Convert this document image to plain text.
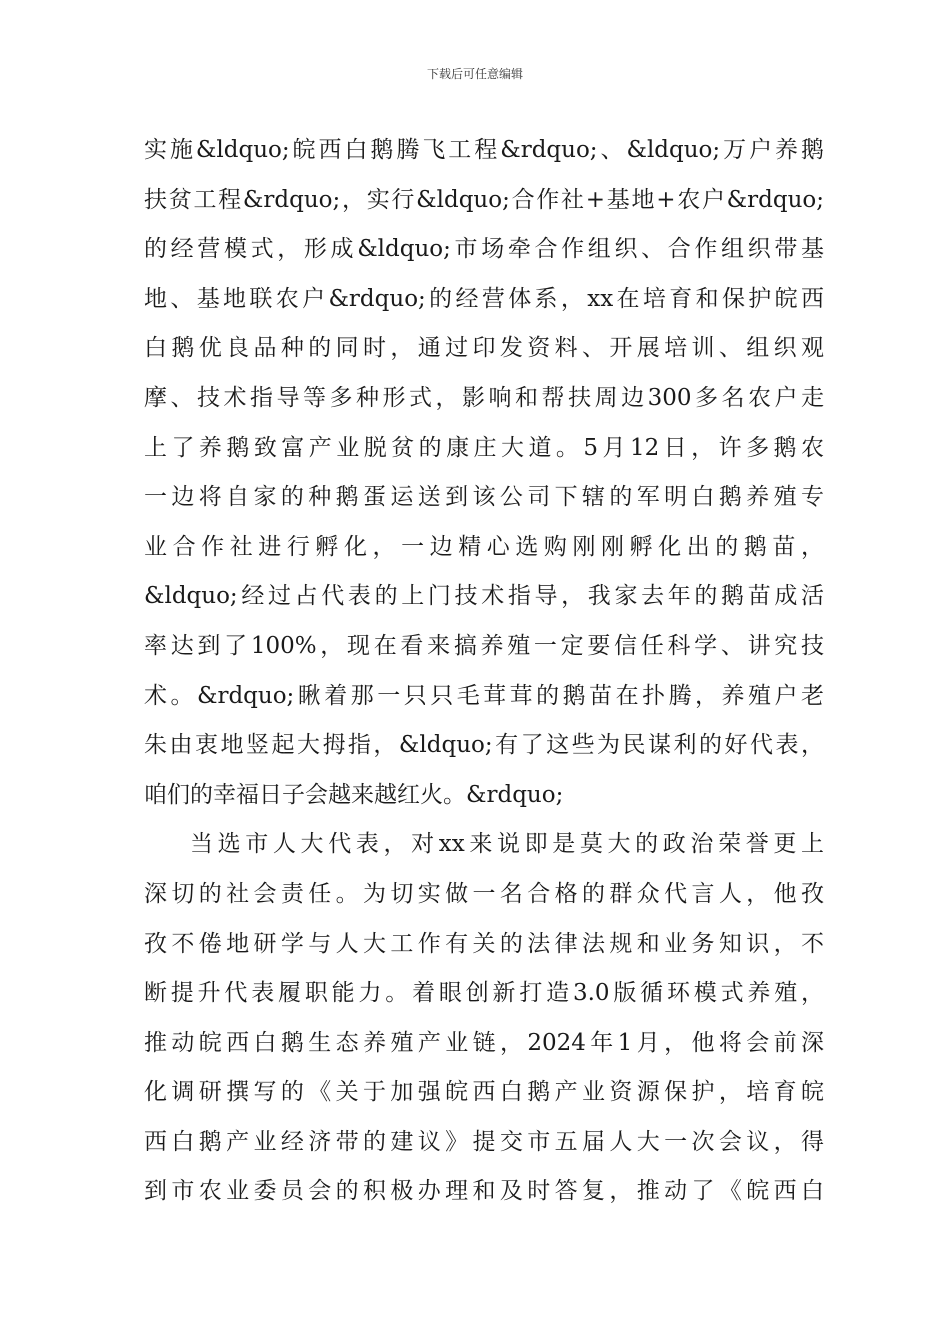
下载后可任意编辑
实施&ldquo;皖西白鹅腾飞工程&rdquo;、&ldquo;万户养鹅
扶贫工程&rdquo;，实行&ldquo;合作社+基地+农户&rdquo;
的经营模式，形成&ldquo;市场牵合作组织、合作组织带基
地、基地联农户&rdquo;的经营体系，xx在培育和保护皖西
白鹅优良品种的同时，通过印发资料、开展培训、组织观
摩、技术指导等多种形式，影响和帮扶周边300多名农户走
上了养鹅致富产业脱贫的康庄大道。5月12日，许多鹅农
一边将自家的种鹅蛋运送到该公司下辖的军明白鹅养殖专
业合作社进行孵化，一边精心选购刚刚孵化出的鹅苗，
&ldquo;经过占代表的上门技术指导，我家去年的鹅苗成活
率达到了100%，现在看来搞养殖一定要信任科学、讲究技
术。&rdquo;瞅着那一只只毛茸茸的鹅苗在扑腾，养殖户老
朱由衷地竖起大拇指，&ldquo;有了这些为民谋利的好代表，
咱们的幸福日子会越来越红火。&rdquo;
当选市人大代表，对xx来说即是莫大的政治荣誉更上
深切的社会责任。为切实做一名合格的群众代言人，他孜
孜不倦地研学与人大工作有关的法律法规和业务知识，不
断提升代表履职能力。着眼创新打造3.0版循环模式养殖，
推动皖西白鹅生态养殖产业链，2024年1月，他将会前深
化调研撰写的《关于加强皖西白鹅产业资源保护，培育皖
西白鹅产业经济带的建议》提交市五届人大一次会议，得
到市农业委员会的积极办理和及时答复，推动了《皖西白
